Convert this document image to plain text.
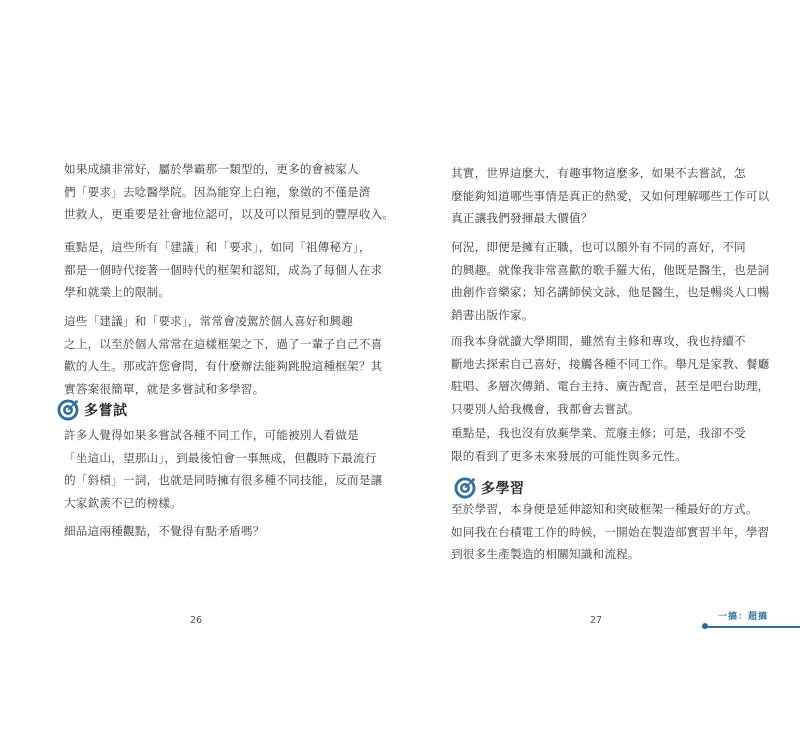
如果成績非常好，屬於學霸那一類型的，更多的會被家人
們「要求」去唸醫學院。因為能穿上白袍，象徵的不僅是濟
世救人，更重要是社會地位認可，以及可以預見到的豐厚收入。

重點是，這些所有「建議」和「要求」，如同「祖傳秘方」，
都是一個時代接著一個時代的框架和認知，成為了每個人在求
學和就業上的限制。

這些「建議」和「要求」，常常會凌駕於個人喜好和興趣
之上，以至於個人常常在這樣框架之下，過了一輩子自己不喜
歡的人生。那或許您會問，有什麼辦法能夠跳脫這種框架？其
實答案很簡單，就是多嘗試和多學習。

多嘗試

許多人覺得如果多嘗試各種不同工作，可能被別人看做是
「坐這山，望那山」，到最後怕會一事無成，但觀時下最流行
的「斜槓」一詞，也就是同時擁有很多種不同技能，反而是讓
大家欽羨不已的榜樣。

細品這兩種觀點，不覺得有點矛盾嗎？

26

其實，世界這麼大，有趣事物這麼多，如果不去嘗試，怎
麼能夠知道哪些事情是真正的熱愛，又如何理解哪些工作可以
真正讓我們發揮最大價值？

何況，即便是擁有正職，也可以額外有不同的喜好，不同
的興趣。就像我非常喜歡的歌手羅大佑，他既是醫生，也是詞
曲創作音樂家；知名講師侯文詠，他是醫生，也是暢炎人口暢
銷書出版作家。

而我本身就讀大學期間，雖然有主修和專攻，我也持續不
斷地去探索自己喜好，接觸各種不同工作。舉凡是家教、餐廳
駐唱、多層次傳銷、電台主持、廣告配音，甚至是吧台助理，
只要別人給我機會，我都會去嘗試。

重點是，我也沒有放棄學業、荒廢主修；可是，我卻不受
限的看到了更多未來發展的可能性與多元性。

多學習

至於學習，本身便是延伸認知和突破框架一種最好的方式。
如同我在台積電工作的時候，一開始在製造部實習半年，學習
到很多生產製造的相關知識和流程。

27	一搞：超搞
